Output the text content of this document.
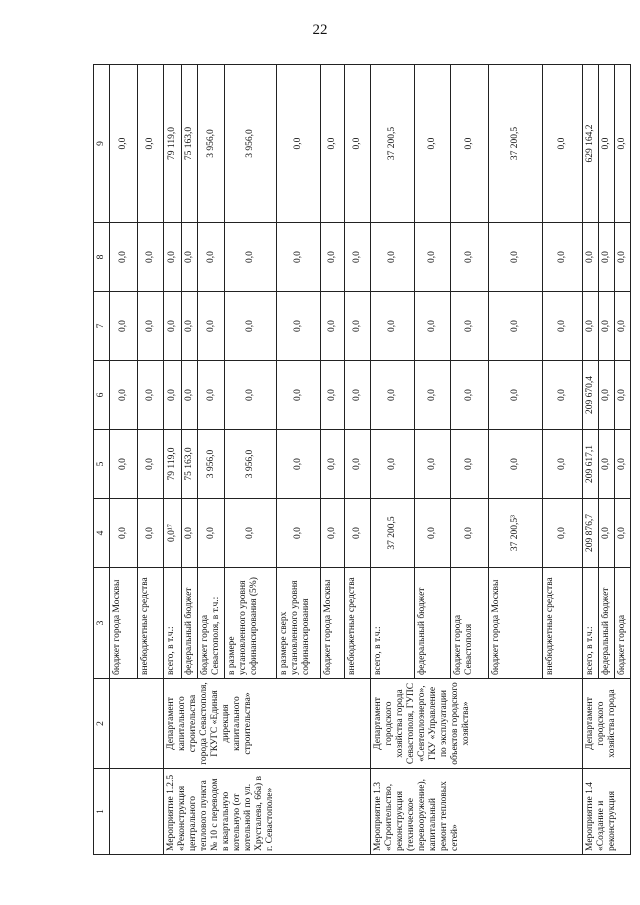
22
1	2	3	4	5	6	7	8	9
		бюджет города Москвы	0,0	0,0	0,0	0,0	0,0	0,0
		внебюджетные средства	0,0	0,0	0,0	0,0	0,0	0,0
Мероприятие 1.2.5 «Реконструкция центрального теплового пункта № 10 с переводом в квартальную котельную (от котельной по ул. Хрусталева, 66а) в г. Севастополе»	Департамент капитального строительства города Севастополя, ГКУГС «Единая дирекция капитального строительства»	всего, в т.ч.:	0,0¹⁷	79 119,0	0,0	0,0	0,0	79 119,0
		федеральный бюджет	0,0	75 163,0	0,0	0,0	0,0	75 163,0
		бюджет города Севастополя, в т.ч.:	0,0	3 956,0	0,0	0,0	0,0	3 956,0
		в размере установленного уровня софинансирования (5%)	0,0	3 956,0	0,0	0,0	0,0	3 956,0
		в размере сверх установленного уровня софинансирования	0,0	0,0	0,0	0,0	0,0	0,0
		бюджет города Москвы	0,0	0,0	0,0	0,0	0,0	0,0
		внебюджетные средства	0,0	0,0	0,0	0,0	0,0	0,0
Мероприятие 1.3 «Строительство, реконструкция (техническое перевооружение), капитальный ремонт тепловых сетей»	Департамент городского хозяйства города Севастополя, ГУПС «Севтеплоэнерго», ГКУ «Управление по эксплуатации объектов городского хозяйства»	всего, в т.ч.:	37 200,5	0,0	0,0	0,0	0,0	37 200,5
		федеральный бюджет	0,0	0,0	0,0	0,0	0,0	0,0
		бюджет города Севастополя	0,0	0,0	0,0	0,0	0,0	0,0
		бюджет города Москвы	37 200,5³	0,0	0,0	0,0	0,0	37 200,5
		внебюджетные средства	0,0	0,0	0,0	0,0	0,0	0,0
Мероприятие 1.4 «Создание и реконструкция	Департамент городского хозяйства города	всего, в т.ч.:	209 876,7	209 617,1	209 670,4	0,0	0,0	629 164,2
		федеральный бюджет	0,0	0,0	0,0	0,0	0,0	0,0
		бюджет города	0,0	0,0	0,0	0,0	0,0	0,0
